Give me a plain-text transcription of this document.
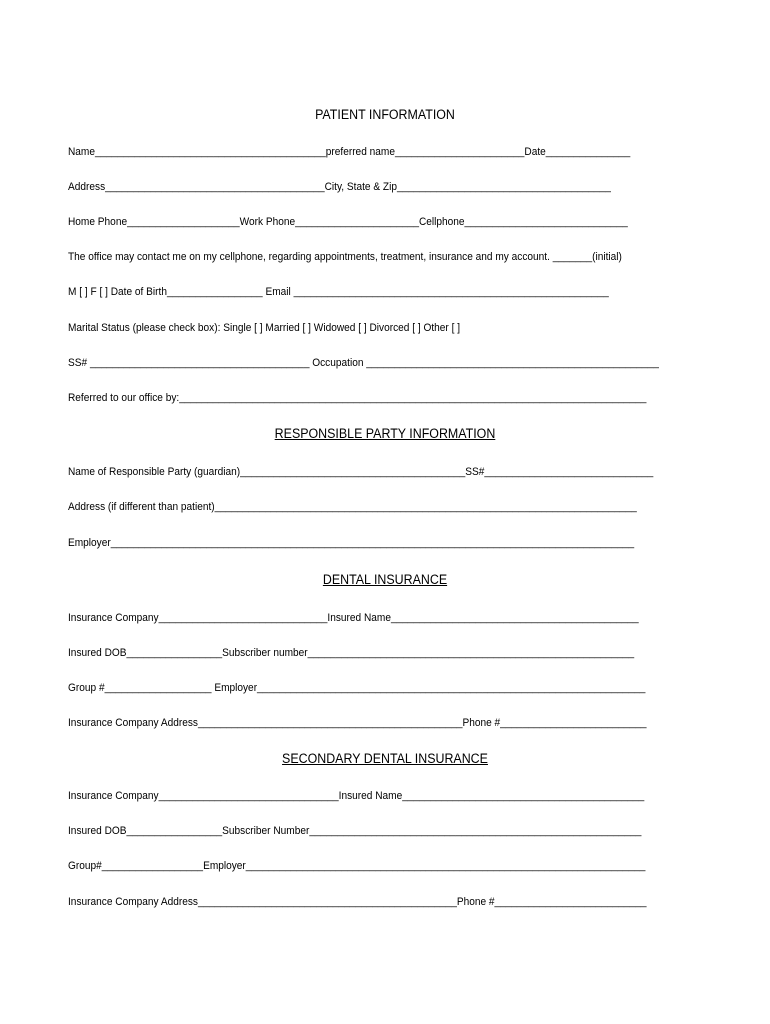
PATIENT INFORMATION
Name_________________________________________preferred name_______________________Date_______________
Address_______________________________________City, State & Zip______________________________________
Home Phone____________________Work Phone______________________Cellphone_____________________________
The office may contact me on my cellphone, regarding appointments, treatment, insurance and my account. _______(initial)
M [ ] F [ ] Date of Birth_________________ Email ________________________________________________________
Marital Status (please check box): Single [ ] Married [ ] Widowed [ ] Divorced [ ] Other [ ]
SS# _______________________________________ Occupation ____________________________________________________
Referred to our office by:___________________________________________________________________________________
RESPONSIBLE PARTY INFORMATION
Name of Responsible Party (guardian)________________________________________SS#______________________________
Address (if different than patient)___________________________________________________________________________
Employer_____________________________________________________________________________________________
DENTAL INSURANCE
Insurance Company______________________________Insured Name____________________________________________
Insured DOB_________________Subscriber number__________________________________________________________
Group #___________________ Employer_____________________________________________________________________
Insurance Company Address_______________________________________________Phone #__________________________
SECONDARY DENTAL INSURANCE
Insurance Company________________________________Insured Name___________________________________________
Insured DOB_________________Subscriber Number___________________________________________________________
Group#__________________Employer_______________________________________________________________________
Insurance Company Address______________________________________________Phone #___________________________
